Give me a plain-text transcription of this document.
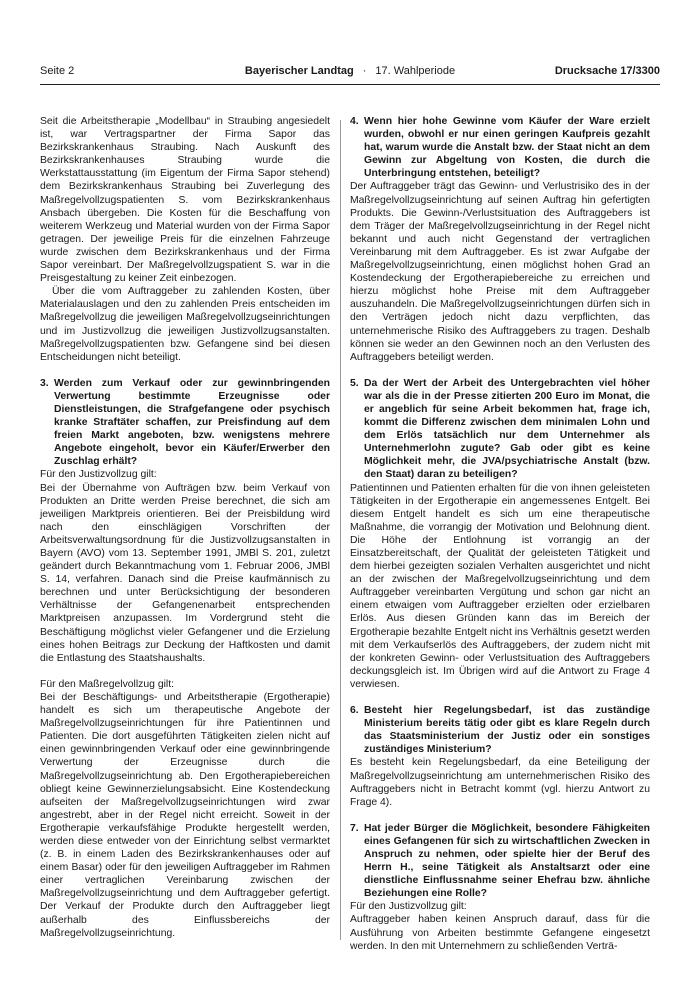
Seite 2	Bayerischer Landtag · 17. Wahlperiode	Drucksache 17/3300

Seit die Arbeitstherapie „Modellbau“ in Straubing angesiedelt ist, war Vertragspartner der Firma Sapor das Bezirkskrankenhaus Straubing. Nach Auskunft des Bezirkskrankenhauses Straubing wurde die Werkstattausstattung (im Eigentum der Firma Sapor stehend) dem Bezirkskrankenhaus Straubing bei Zuverlegung des Maßregelvollzugspatienten S. vom Bezirkskrankenhaus Ansbach übergeben. Die Kosten für die Beschaffung von weiterem Werkzeug und Material wurden von der Firma Sapor getragen. Der jeweilige Preis für die einzelnen Fahrzeuge wurde zwischen dem Bezirkskrankenhaus und der Firma Sapor vereinbart. Der Maßregelvollzugspatient S. war in die Preisgestaltung zu keiner Zeit einbezogen.

Über die vom Auftraggeber zu zahlenden Kosten, über Materialauslagen und den zu zahlenden Preis entscheiden im Maßregelvollzug die jeweiligen Maßregelvollzugseinrichtungen und im Justizvollzug die jeweiligen Justizvollzugsanstalten. Maßregelvollzugspatienten bzw. Gefangene sind bei diesen Entscheidungen nicht beteiligt.

3. Werden zum Verkauf oder zur gewinnbringenden Verwertung bestimmte Erzeugnisse oder Dienstleistungen, die Strafgefangene oder psychisch kranke Straftäter schaffen, zur Preisfindung auf dem freien Markt angeboten, bzw. wenigstens mehrere Angebote eingeholt, bevor ein Käufer/Erwerber den Zuschlag erhält?

Für den Justizvollzug gilt:

Bei der Übernahme von Aufträgen bzw. beim Verkauf von Produkten an Dritte werden Preise berechnet, die sich am jeweiligen Marktpreis orientieren. Bei der Preisbildung wird nach den einschlägigen Vorschriften der Arbeitsverwaltungsordnung für die Justizvollzugsanstalten in Bayern (AVO) vom 13. September 1991, JMBl S. 201, zuletzt geändert durch Bekanntmachung vom 1. Februar 2006, JMBl S. 14, verfahren. Danach sind die Preise kaufmännisch zu berechnen und unter Berücksichtigung der besonderen Verhältnisse der Gefangenenarbeit entsprechenden Marktpreisen anzupassen. Im Vordergrund steht die Beschäftigung möglichst vieler Gefangener und die Erzielung eines hohen Beitrags zur Deckung der Haftkosten und damit die Entlastung des Staatshaushalts.

Für den Maßregelvollzug gilt:

Bei der Beschäftigungs- und Arbeitstherapie (Ergotherapie) handelt es sich um therapeutische Angebote der Maßregelvollzugseinrichtungen für ihre Patientinnen und Patienten. Die dort ausgeführten Tätigkeiten zielen nicht auf einen gewinnbringenden Verkauf oder eine gewinnbringende Verwertung der Erzeugnisse durch die Maßregelvollzugseinrichtung ab. Den Ergotherapiebereichen obliegt keine Gewinnerzielungsabsicht. Eine Kostendeckung aufseiten der Maßregelvollzugseinrichtungen wird zwar angestrebt, aber in der Regel nicht erreicht. Soweit in der Ergotherapie verkaufsfähige Produkte hergestellt werden, werden diese entweder von der Einrichtung selbst vermarktet (z. B. in einem Laden des Bezirkskrankenhauses oder auf einem Basar) oder für den jeweiligen Auftraggeber im Rahmen einer vertraglichen Vereinbarung zwischen der Maßregelvollzugseinrichtung und dem Auftraggeber gefertigt. Der Verkauf der Produkte durch den Auftraggeber liegt außerhalb des Einflussbereichs der Maßregelvollzugseinrichtung.

4. Wenn hier hohe Gewinne vom Käufer der Ware erzielt wurden, obwohl er nur einen geringen Kaufpreis gezahlt hat, warum wurde die Anstalt bzw. der Staat nicht an dem Gewinn zur Abgeltung von Kosten, die durch die Unterbringung entstehen, beteiligt?

Der Auftraggeber trägt das Gewinn- und Verlustrisiko des in der Maßregelvollzugseinrichtung auf seinen Auftrag hin gefertigten Produkts. Die Gewinn-/Verlustsituation des Auftraggebers ist dem Träger der Maßregelvollzugseinrichtung in der Regel nicht bekannt und auch nicht Gegenstand der vertraglichen Vereinbarung mit dem Auftraggeber. Es ist zwar Aufgabe der Maßregelvollzugseinrichtung, einen möglichst hohen Grad an Kostendeckung der Ergotherapiebereiche zu erreichen und hierzu möglichst hohe Preise mit dem Auftraggeber auszuhandeln. Die Maßregelvollzugseinrichtungen dürfen sich in den Verträgen jedoch nicht dazu verpflichten, das unternehmerische Risiko des Auftraggebers zu tragen. Deshalb können sie weder an den Gewinnen noch an den Verlusten des Auftraggebers beteiligt werden.

5. Da der Wert der Arbeit des Untergebrachten viel höher war als die in der Presse zitierten 200 Euro im Monat, die er angeblich für seine Arbeit bekommen hat, frage ich, kommt die Differenz zwischen dem minimalen Lohn und dem Erlös tatsächlich nur dem Unternehmer als Unternehmerlohn zugute? Gab oder gibt es keine Möglichkeit mehr, die JVA/psychiatrische Anstalt (bzw. den Staat) daran zu beteiligen?

Patientinnen und Patienten erhalten für die von ihnen geleisteten Tätigkeiten in der Ergotherapie ein angemessenes Entgelt. Bei diesem Entgelt handelt es sich um eine therapeutische Maßnahme, die vorrangig der Motivation und Belohnung dient. Die Höhe der Entlohnung ist vorrangig an der Einsatzbereitschaft, der Qualität der geleisteten Tätigkeit und dem hierbei gezeigten sozialen Verhalten ausgerichtet und nicht an der zwischen der Maßregelvollzugseinrichtung und dem Auftraggeber vereinbarten Vergütung und schon gar nicht an einem etwaigen vom Auftraggeber erzielten oder erzielbaren Erlös. Aus diesen Gründen kann das im Bereich der Ergotherapie bezahlte Entgelt nicht ins Verhältnis gesetzt werden mit dem Verkaufserlös des Auftraggebers, der zudem nicht mit der konkreten Gewinn- oder Verlustsituation des Auftraggebers deckungsgleich ist. Im Übrigen wird auf die Antwort zu Frage 4 verwiesen.

6. Besteht hier Regelungsbedarf, ist das zuständige Ministerium bereits tätig oder gibt es klare Regeln durch das Staatsministerium der Justiz oder ein sonstiges zuständiges Ministerium?

Es besteht kein Regelungsbedarf, da eine Beteiligung der Maßregelvollzugseinrichtung am unternehmerischen Risiko des Auftraggebers nicht in Betracht kommt (vgl. hierzu Antwort zu Frage 4).

7. Hat jeder Bürger die Möglichkeit, besondere Fähigkeiten eines Gefangenen für sich zu wirtschaftlichen Zwecken in Anspruch zu nehmen, oder spielte hier der Beruf des Herrn H., seine Tätigkeit als Anstaltsarzt oder eine dienstliche Einflussnahme seiner Ehefrau bzw. ähnliche Beziehungen eine Rolle?

Für den Justizvollzug gilt:

Auftraggeber haben keinen Anspruch darauf, dass für die Ausführung von Arbeiten bestimmte Gefangene eingesetzt werden. In den mit Unternehmern zu schließenden Verträ-
